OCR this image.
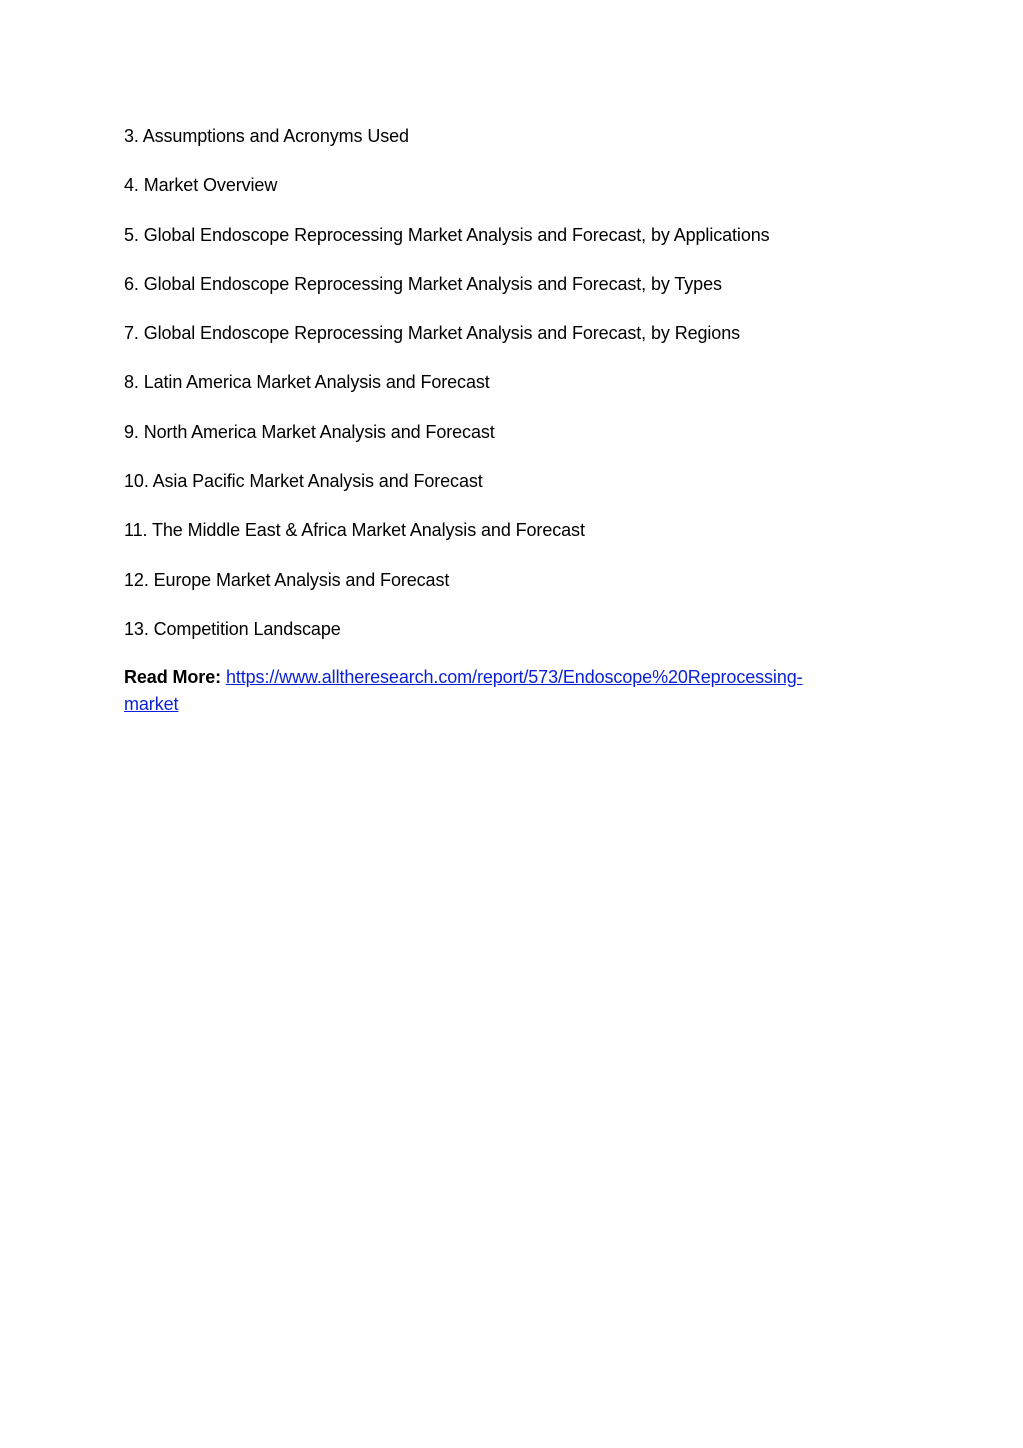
3. Assumptions and Acronyms Used
4. Market Overview
5. Global Endoscope Reprocessing Market Analysis and Forecast, by Applications
6. Global Endoscope Reprocessing Market Analysis and Forecast, by Types
7. Global Endoscope Reprocessing Market Analysis and Forecast, by Regions
8. Latin America Market Analysis and Forecast
9. North America Market Analysis and Forecast
10. Asia Pacific Market Analysis and Forecast
11. The Middle East & Africa Market Analysis and Forecast
12. Europe Market Analysis and Forecast
13. Competition Landscape
Read More: https://www.alltheresearch.com/report/573/Endoscope%20Reprocessing-
market
